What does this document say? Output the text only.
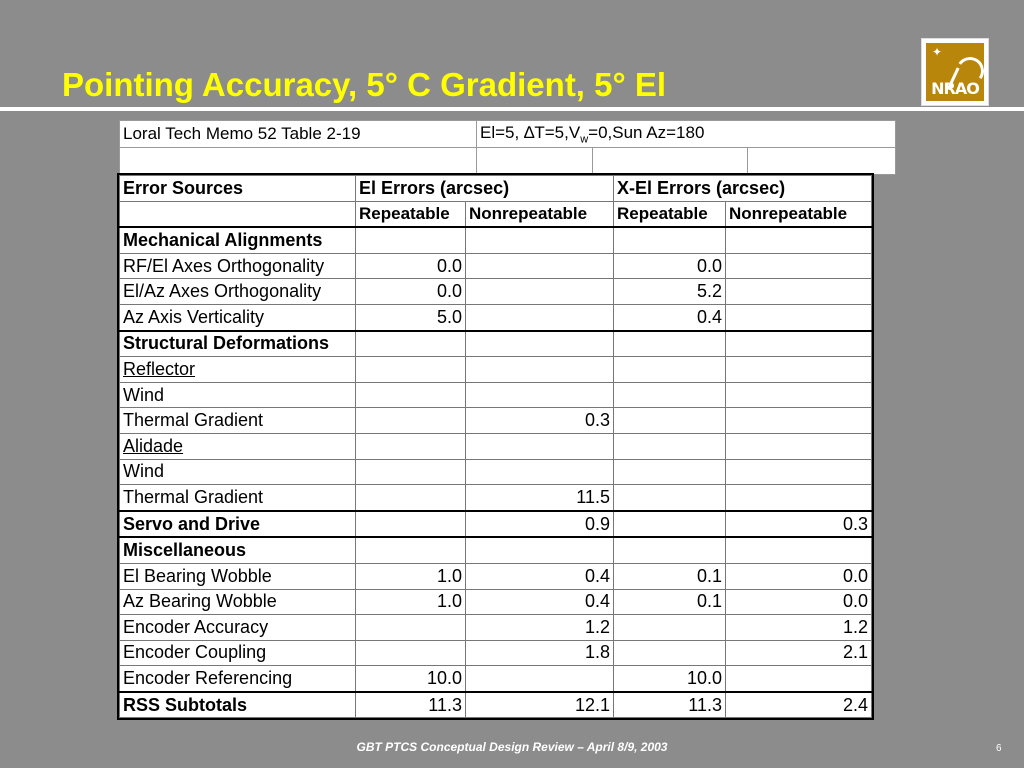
Pointing Accuracy, 5° C Gradient, 5° El
✦
NRAO
Loral Tech Memo 52 Table 2-19	El=5, $\Delta T=5,V_w=0,Sun$ Az=180		

Error Sources	El Errors (arcsec)		X-El Errors (arcsec)	
	Repeatable	Nonrepeatable	Repeatable	Nonrepeatable
Mechanical Alignments				
RF/El Axes Orthogonality	0.0		0.0	
El/Az Axes Orthogonality	0.0		5.2	
Az Axis Verticality	5.0		0.4	
Structural Deformations				
Reflector				
Wind				
Thermal Gradient		0.3		
Alidade				
Wind				
Thermal Gradient		11.5		
Servo and Drive		0.9		0.3
Miscellaneous				
El Bearing Wobble	1.0	0.4	0.1	0.0
Az Bearing Wobble	1.0	0.4	0.1	0.0
Encoder Accuracy		1.2		1.2
Encoder Coupling		1.8		2.1
Encoder Referencing	10.0		10.0	
RSS Subtotals	11.3	12.1	11.3	2.4
GBT PTCS Conceptual Design Review – April 8/9, 2003	6
